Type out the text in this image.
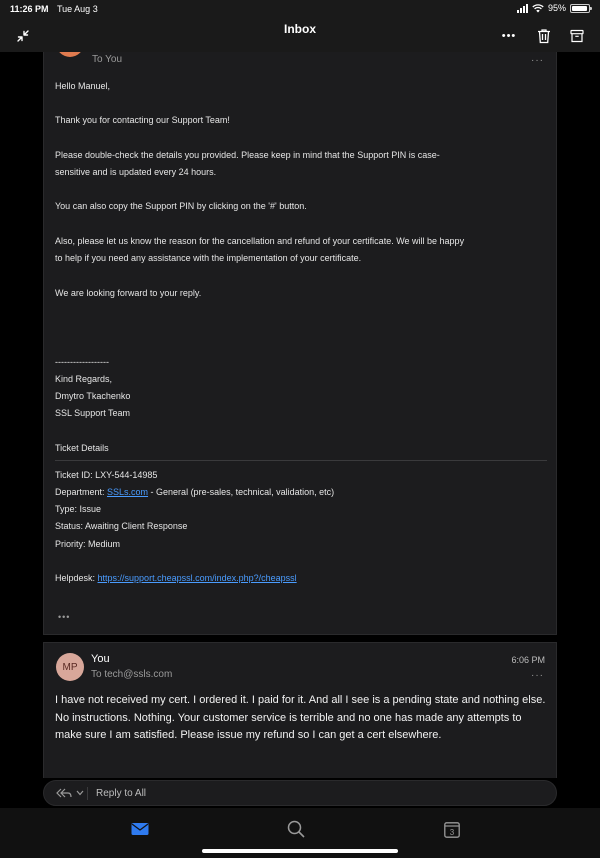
11:26 PM Tue Aug 3	95%
Inbox	•••
To You	···
Hello Manuel,
Thank you for contacting our Support Team!
Please double-check the details you provided. Please keep in mind that the Support PIN is case-
sensitive and is updated every 24 hours.
You can also copy the Support PIN by clicking on the '#' button.
Also, please let us know the reason for the cancellation and refund of your certificate. We will be happy
to help if you need any assistance with the implementation of your certificate.
We are looking forward to your reply.
------------------
Kind Regards,
Dmytro Tkachenko
SSL Support Team
Ticket Details
Ticket ID: LXY-544-14985
Department: SSLs.com - General (pre-sales, technical, validation, etc)
Type: Issue
Status: Awaiting Client Response
Priority: Medium
Helpdesk: https://support.cheapssl.com/index.php?/cheapssl
•••
MP
You
To tech@ssls.com
6:06 PM
···
I have not received my cert. I ordered it. I paid for it. And all I see is a pending state and nothing else. No instructions. Nothing. Your customer service is terrible and no one has made any attempts to make sure I am satisfied. Please issue my refund so I can get a cert elsewhere.
Reply to All
3
